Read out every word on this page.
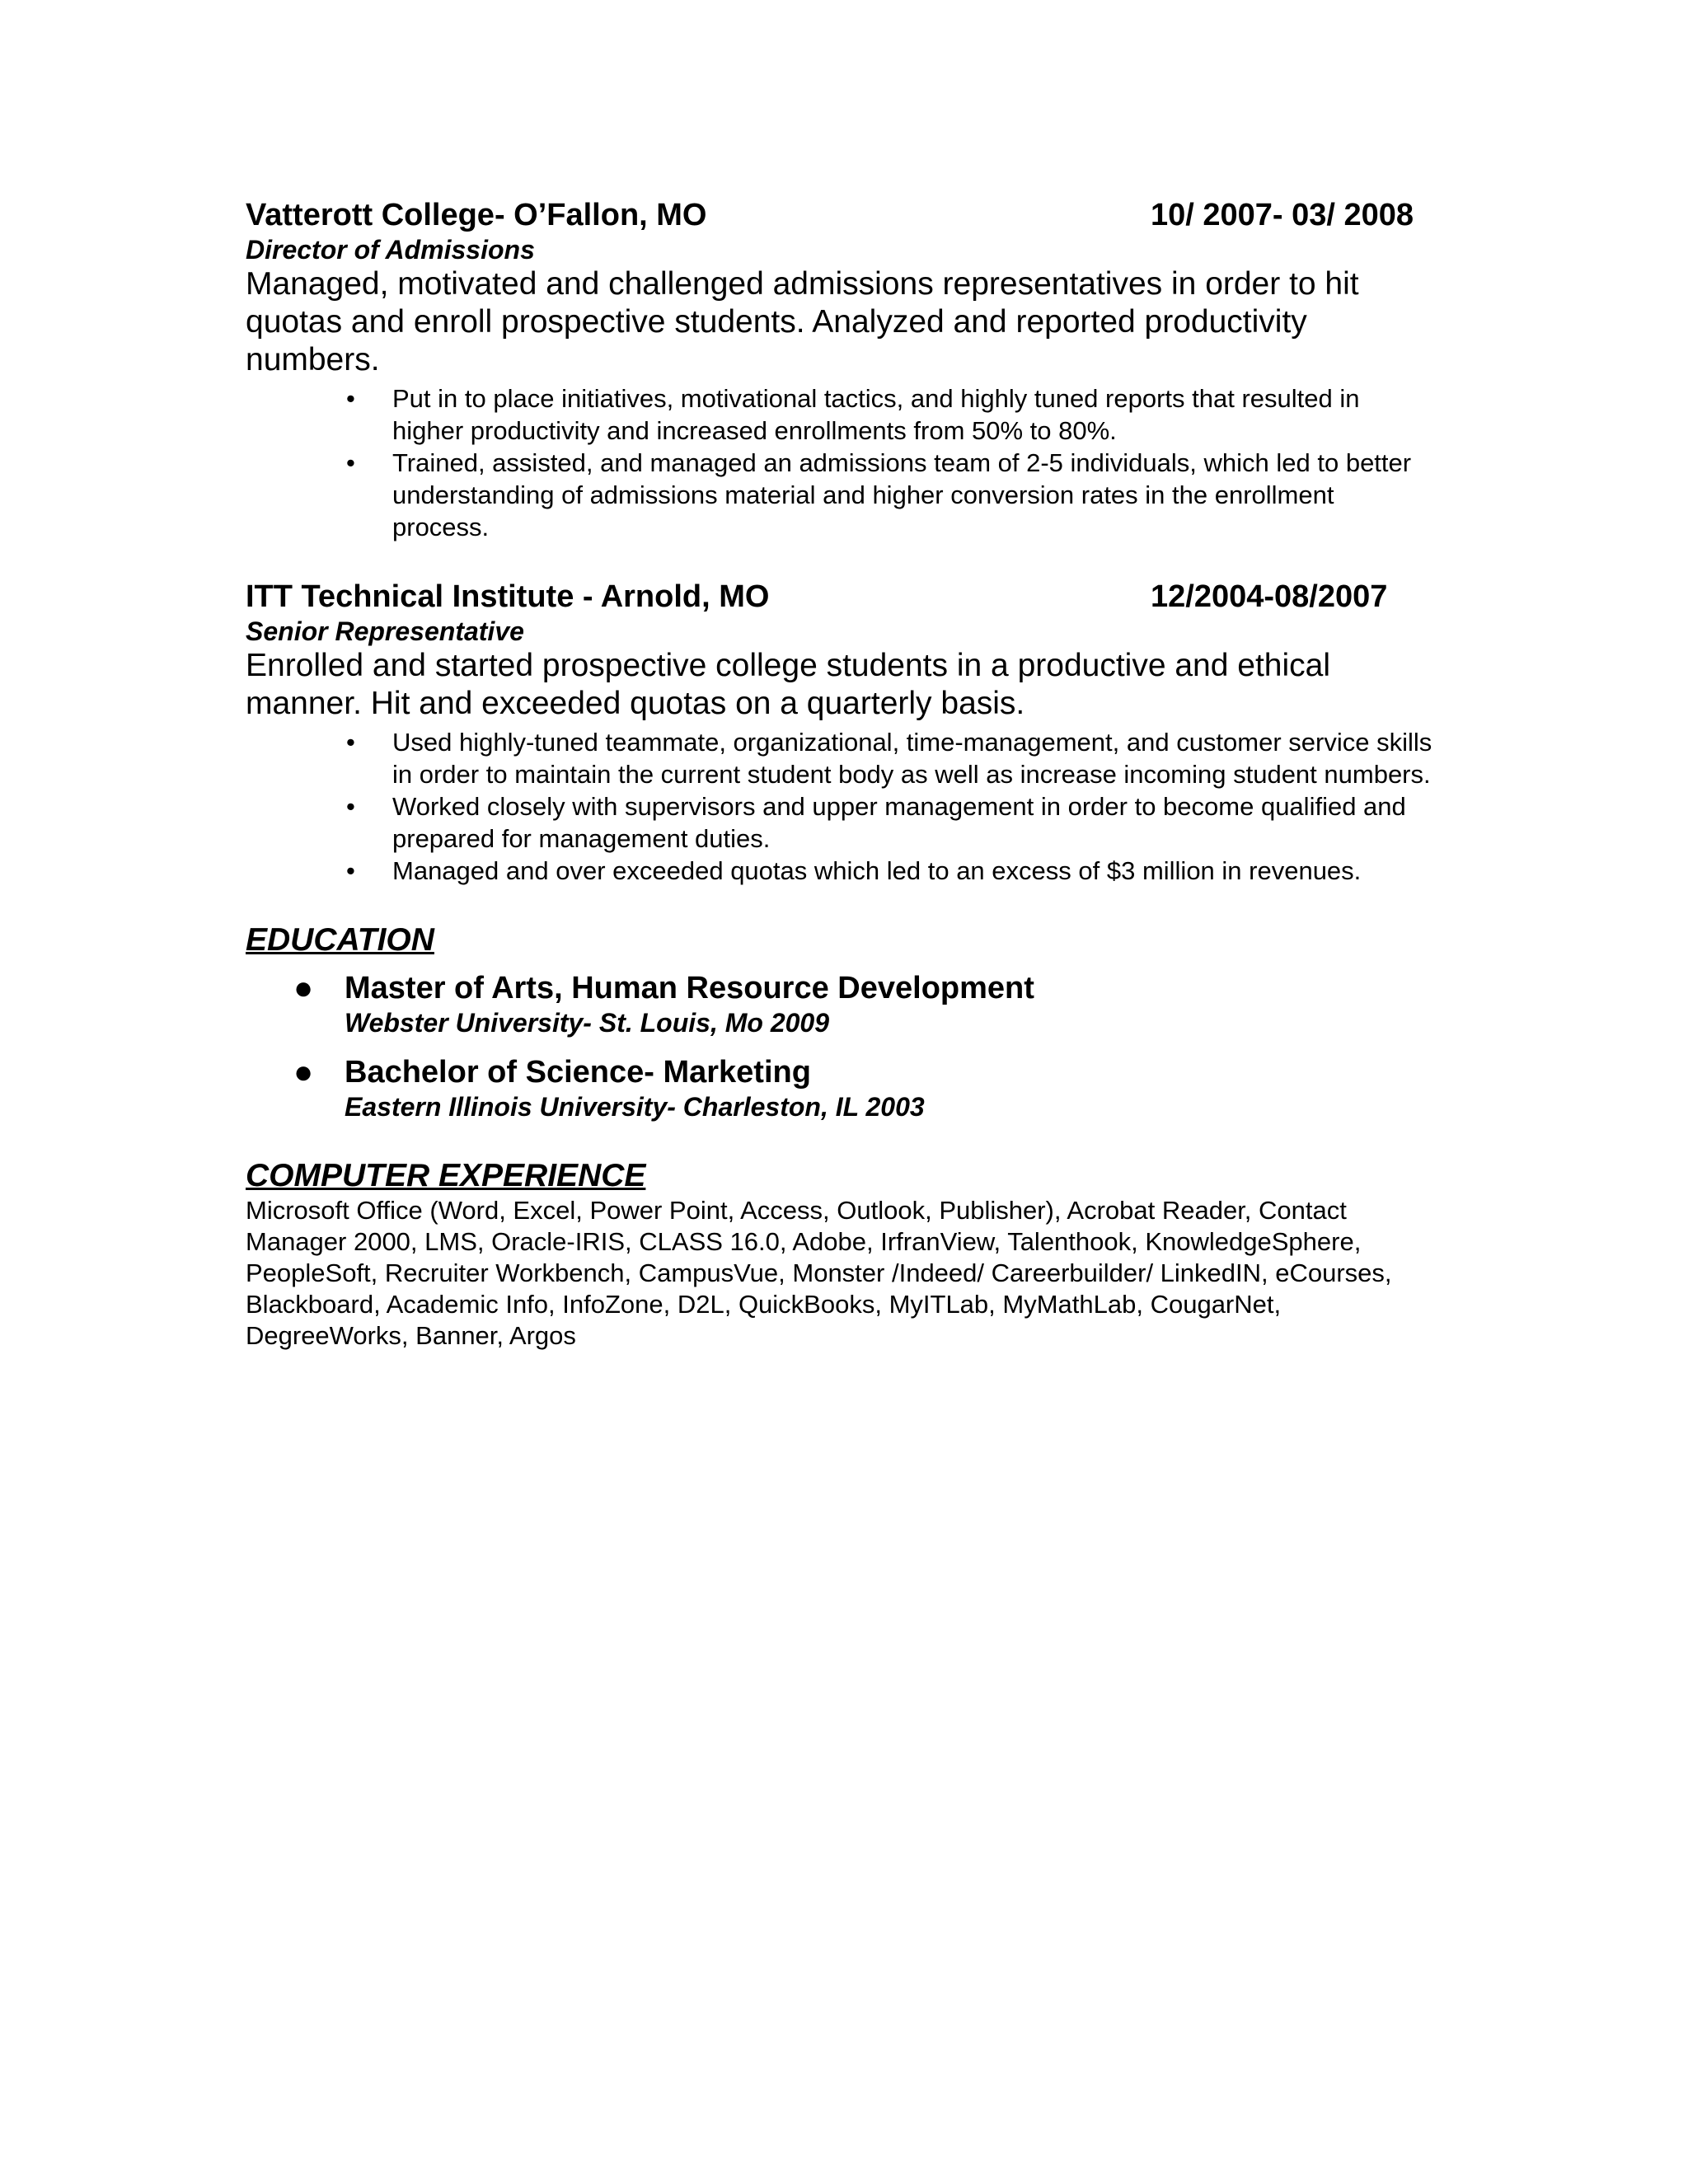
Vatterott College- O’Fallon, MO	10/ 2007- 03/ 2008
Director of Admissions

Managed, motivated and challenged admissions representatives in order to hit quotas and enroll prospective students. Analyzed and reported productivity numbers.

• Put in to place initiatives, motivational tactics, and highly tuned reports that resulted in higher productivity and increased enrollments from 50% to 80%.
• Trained, assisted, and managed an admissions team of 2-5 individuals, which led to better understanding of admissions material and higher conversion rates in the enrollment process.
ITT Technical Institute - Arnold, MO	12/2004-08/2007
Senior Representative

Enrolled and started prospective college students in a productive and ethical manner. Hit and exceeded quotas on a quarterly basis.

• Used highly-tuned teammate, organizational, time-management, and customer service skills in order to maintain the current student body as well as increase incoming student numbers.
• Worked closely with supervisors and upper management in order to become qualified and prepared for management duties.
• Managed and over exceeded quotas which led to an excess of $3 million in revenues.
EDUCATION
● Master of Arts, Human Resource Development
Webster University- St. Louis, Mo 2009
● Bachelor of Science- Marketing
Eastern Illinois University- Charleston, IL 2003
COMPUTER EXPERIENCE

Microsoft Office (Word, Excel, Power Point, Access, Outlook, Publisher), Acrobat Reader, Contact Manager 2000, LMS, Oracle-IRIS, CLASS 16.0, Adobe, IrfranView, Talenthook, KnowledgeSphere, PeopleSoft, Recruiter Workbench, CampusVue, Monster /Indeed/ Careerbuilder/ LinkedIN, eCourses, Blackboard, Academic Info, InfoZone, D2L, QuickBooks, MyITLab, MyMathLab, CougarNet, DegreeWorks, Banner, Argos
